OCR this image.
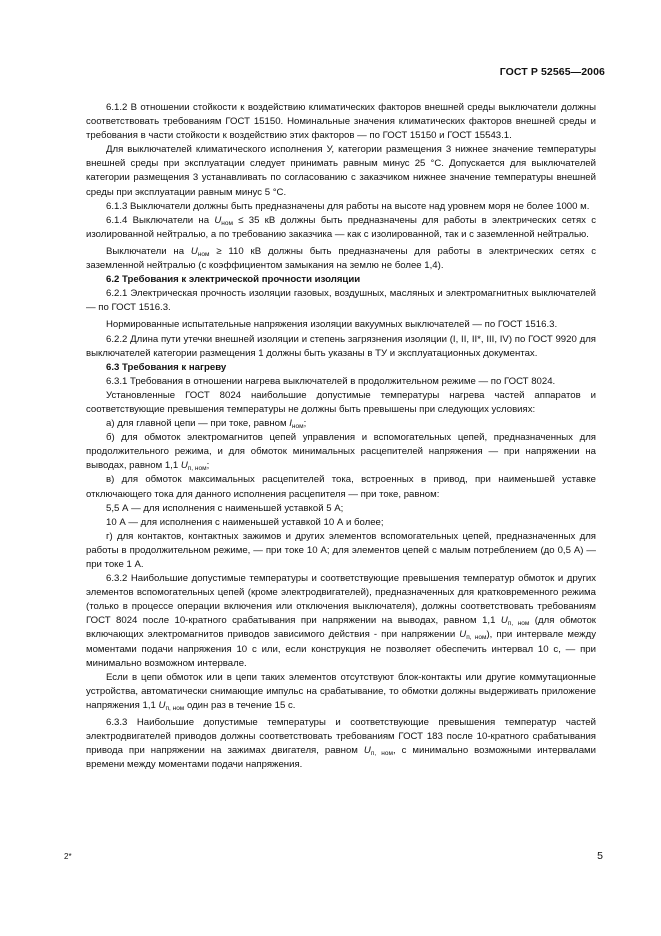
ГОСТ Р 52565—2006

6.1.2 В отношении стойкости к воздействию климатических факторов внешней среды выключатели должны соответствовать требованиям ГОСТ 15150. Номинальные значения климатических факторов внешней среды и требования в части стойкости к воздействию этих факторов — по ГОСТ 15150 и ГОСТ 15543.1.

Для выключателей климатического исполнения У, категории размещения 3 нижнее значение температуры внешней среды при эксплуатации следует принимать равным минус 25 °С. Допускается для выключателей категории размещения 3 устанавливать по согласованию с заказчиком нижнее значение температуры внешней среды при эксплуатации равным минус 5 °С.

6.1.3 Выключатели должны быть предназначены для работы на высоте над уровнем моря не более 1000 м.

6.1.4 Выключатели на $U_{ном} \le 35$ кВ должны быть предназначены для работы в электрических сетях с изолированной нейтралью, а по требованию заказчика — как с изолированной, так и с заземленной нейтралью.

Выключатели на $U_{ном} \ge 110$ кВ должны быть предназначены для работы в электрических сетях с заземленной нейтралью (с коэффициентом замыкания на землю не более 1,4).

6.2 Требования к электрической прочности изоляции

6.2.1 Электрическая прочность изоляции газовых, воздушных, масляных и электромагнитных выключателей — по ГОСТ 1516.3.

Нормированные испытательные напряжения изоляции вакуумных выключателей — по ГОСТ 1516.3.

6.2.2 Длина пути утечки внешней изоляции и степень загрязнения изоляции (I, II, II*, III, IV) по ГОСТ 9920 для выключателей категории размещения 1 должны быть указаны в ТУ и эксплуатационных документах.

6.3 Требования к нагреву

6.3.1 Требования в отношении нагрева выключателей в продолжительном режиме — по ГОСТ 8024.

Установленные ГОСТ 8024 наибольшие допустимые температуры нагрева частей аппаратов и соответствующие превышения температуры не должны быть превышены при следующих условиях:

а) для главной цепи — при токе, равном $I_{ном}$;

б) для обмоток электромагнитов цепей управления и вспомогательных цепей, предназначенных для продолжительного режима, и для обмоток минимальных расцепителей напряжения — при напряжении на выводах, равном 1,1 $U_{п, ном}$;

в) для обмоток максимальных расцепителей тока, встроенных в привод, при наименьшей уставке отключающего тока для данного исполнения расцепителя — при токе, равном:

5,5 А — для исполнения с наименьшей уставкой 5 А;

10 А — для исполнения с наименьшей уставкой 10 А и более;

г) для контактов, контактных зажимов и других элементов вспомогательных цепей, предназначенных для работы в продолжительном режиме, — при токе 10 А; для элементов цепей с малым потреблением (до 0,5 А) — при токе 1 А.

6.3.2 Наибольшие допустимые температуры и соответствующие превышения температур обмоток и других элементов вспомогательных цепей (кроме электродвигателей), предназначенных для кратковременного режима (только в процессе операции включения или отключения выключателя), должны соответствовать требованиям ГОСТ 8024 после 10-кратного срабатывания при напряжении на выводах, равном 1,1 $U_{п, ном}$ (для обмоток включающих электромагнитов приводов зависимого действия - при напряжении $U_{п, ном}$), при интервале между моментами подачи напряжения 10 с или, если конструкция не позволяет обеспечить интервал 10 с, — при минимально возможном интервале.

Если в цепи обмоток или в цепи таких элементов отсутствуют блок-контакты или другие коммутационные устройства, автоматически снимающие импульс на срабатывание, то обмотки должны выдерживать приложение напряжения 1,1 $U_{п, ном}$ один раз в течение 15 с.

6.3.3 Наибольшие допустимые температуры и соответствующие превышения температур частей электродвигателей приводов должны соответствовать требованиям ГОСТ 183 после 10-кратного срабатывания привода при напряжении на зажимах двигателя, равном $U_{п, ном}$, с минимально возможными интервалами времени между моментами подачи напряжения.

2*	5
